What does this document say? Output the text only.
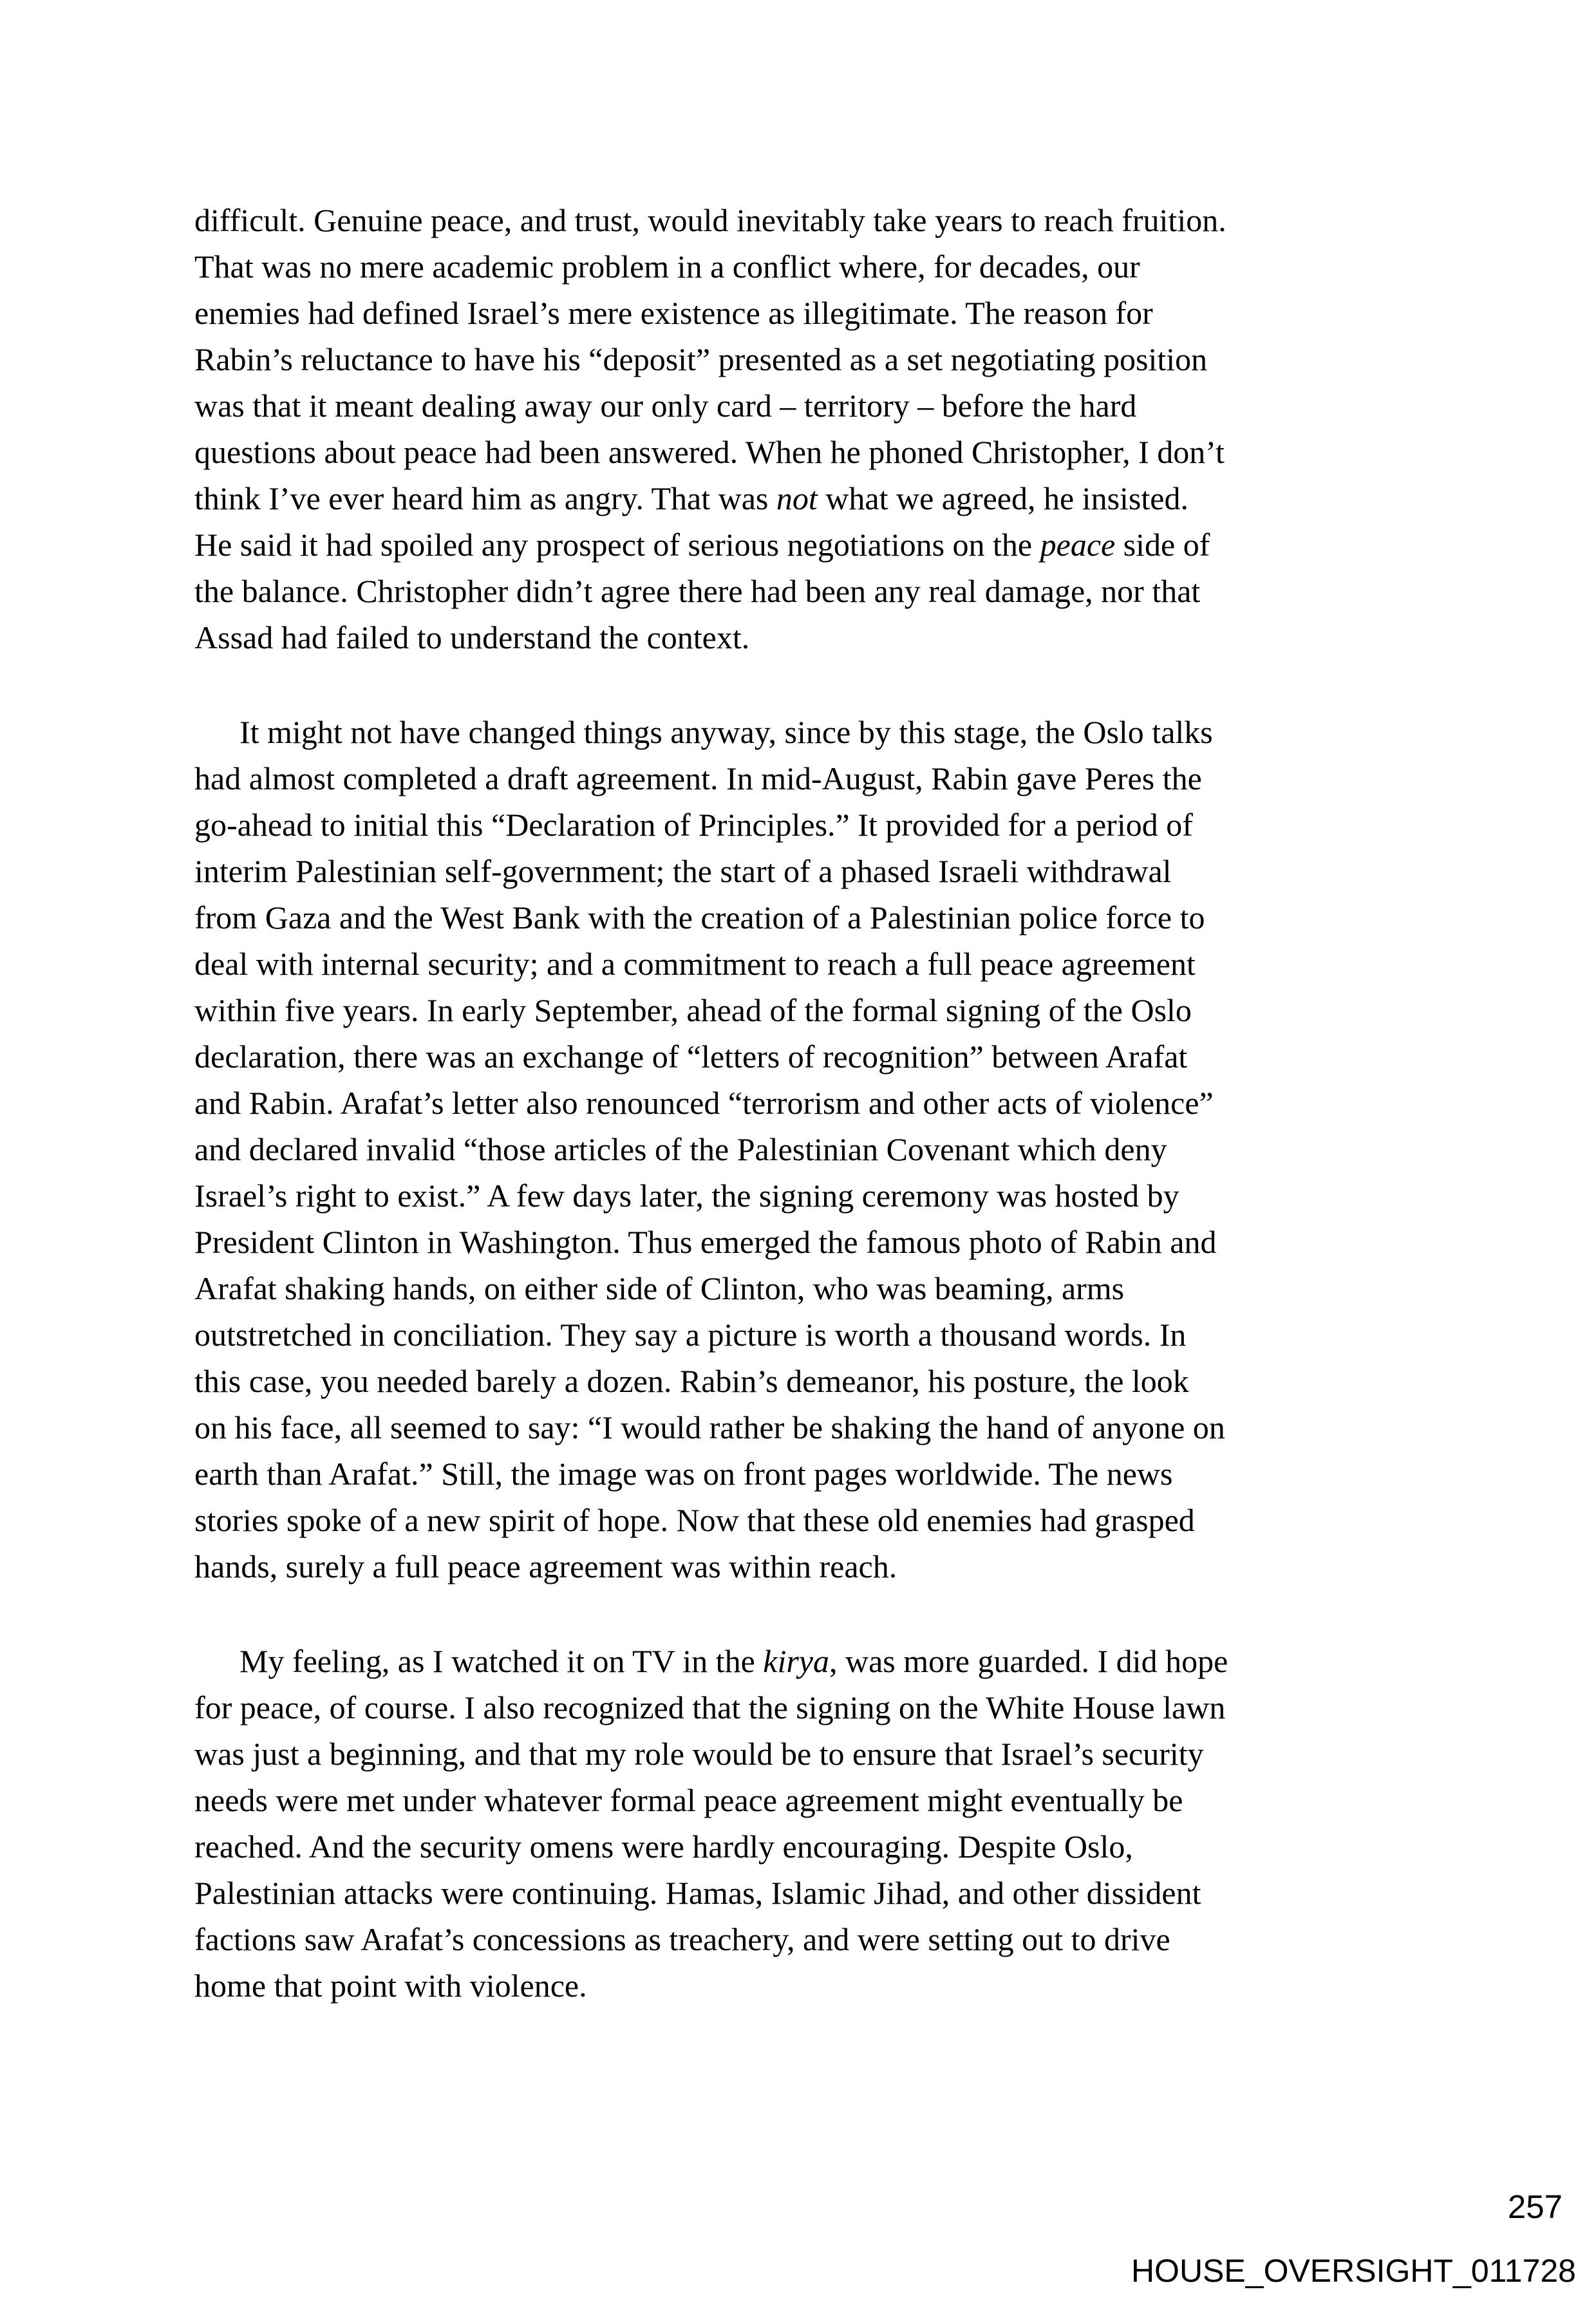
difficult. Genuine peace, and trust, would inevitably take years to reach fruition.
That was no mere academic problem in a conflict where, for decades, our
enemies had defined Israel’s mere existence as illegitimate. The reason for
Rabin’s reluctance to have his “deposit” presented as a set negotiating position
was that it meant dealing away our only card – territory – before the hard
questions about peace had been answered. When he phoned Christopher, I don’t
think I’ve ever heard him as angry. That was not what we agreed, he insisted.
He said it had spoiled any prospect of serious negotiations on the peace side of
the balance. Christopher didn’t agree there had been any real damage, nor that
Assad had failed to understand the context.
It might not have changed things anyway, since by this stage, the Oslo talks
had almost completed a draft agreement. In mid-August, Rabin gave Peres the
go-ahead to initial this “Declaration of Principles.” It provided for a period of
interim Palestinian self-government; the start of a phased Israeli withdrawal
from Gaza and the West Bank with the creation of a Palestinian police force to
deal with internal security; and a commitment to reach a full peace agreement
within five years. In early September, ahead of the formal signing of the Oslo
declaration, there was an exchange of “letters of recognition” between Arafat
and Rabin. Arafat’s letter also renounced “terrorism and other acts of violence”
and declared invalid “those articles of the Palestinian Covenant which deny
Israel’s right to exist.” A few days later, the signing ceremony was hosted by
President Clinton in Washington. Thus emerged the famous photo of Rabin and
Arafat shaking hands, on either side of Clinton, who was beaming, arms
outstretched in conciliation. They say a picture is worth a thousand words. In
this case, you needed barely a dozen. Rabin’s demeanor, his posture, the look
on his face, all seemed to say: “I would rather be shaking the hand of anyone on
earth than Arafat.” Still, the image was on front pages worldwide. The news
stories spoke of a new spirit of hope. Now that these old enemies had grasped
hands, surely a full peace agreement was within reach.
My feeling, as I watched it on TV in the kirya, was more guarded. I did hope
for peace, of course. I also recognized that the signing on the White House lawn
was just a beginning, and that my role would be to ensure that Israel’s security
needs were met under whatever formal peace agreement might eventually be
reached. And the security omens were hardly encouraging. Despite Oslo,
Palestinian attacks were continuing. Hamas, Islamic Jihad, and other dissident
factions saw Arafat’s concessions as treachery, and were setting out to drive
home that point with violence.
257
HOUSE_OVERSIGHT_011728
